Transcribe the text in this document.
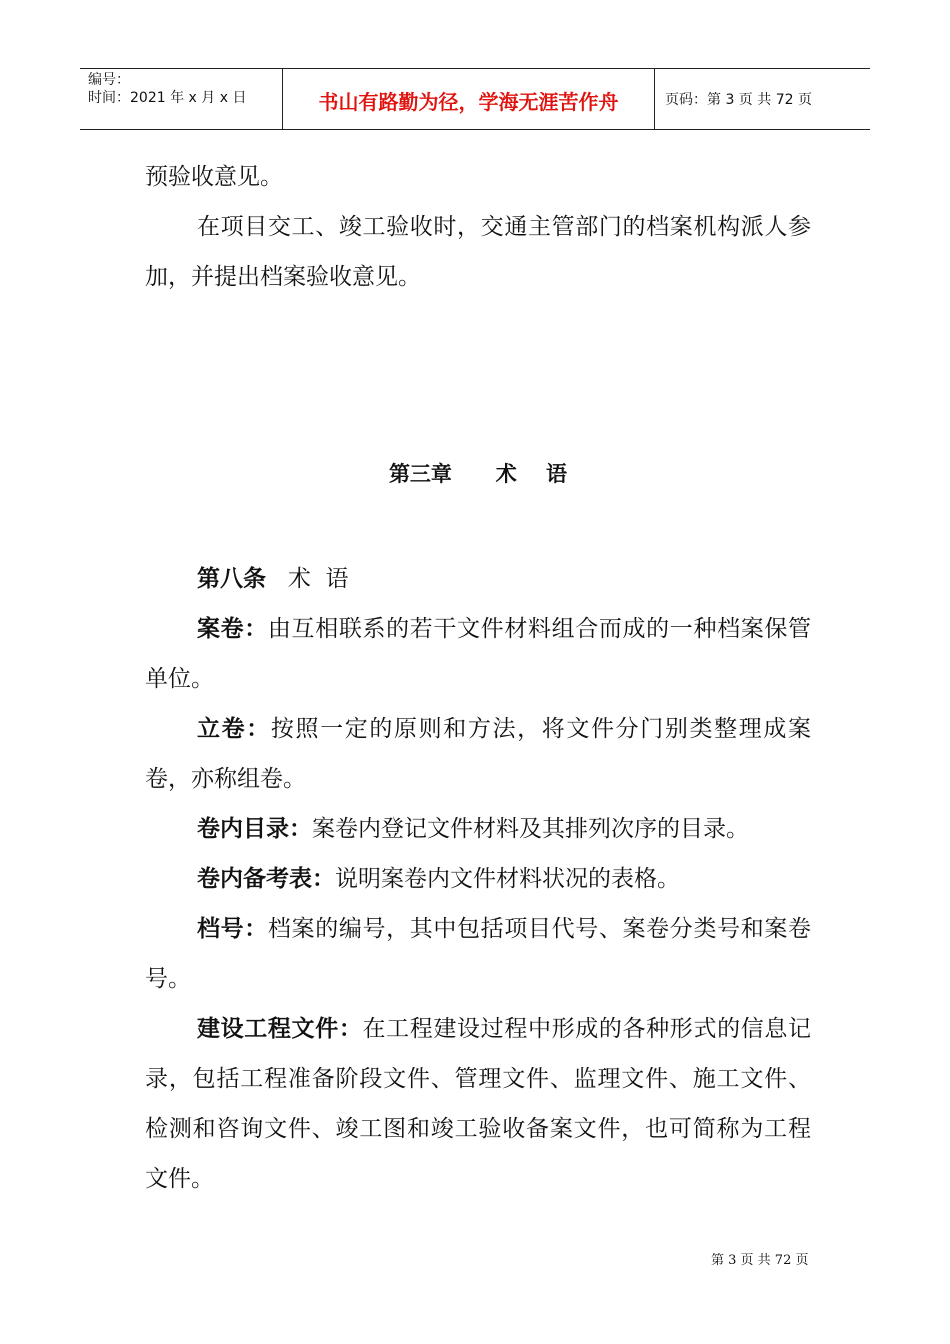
编号：
时间：2021 年 x 月 x 日	书山有路勤为径，学海无涯苦作舟	页码：第 3 页 共 72 页

预验收意见。

在项目交工、竣工验收时，交通主管部门的档案机构派人参加，并提出档案验收意见。

第三章      术    语

第八条   术  语

案卷：由互相联系的若干文件材料组合而成的一种档案保管单位。

立卷：按照一定的原则和方法，将文件分门别类整理成案卷，亦称组卷。

卷内目录：案卷内登记文件材料及其排列次序的目录。

卷内备考表：说明案卷内文件材料状况的表格。

档号：档案的编号，其中包括项目代号、案卷分类号和案卷号。

建设工程文件：在工程建设过程中形成的各种形式的信息记录，包括工程准备阶段文件、管理文件、监理文件、施工文件、检测和咨询文件、竣工图和竣工验收备案文件，也可简称为工程文件。

第 3 页 共 72 页
